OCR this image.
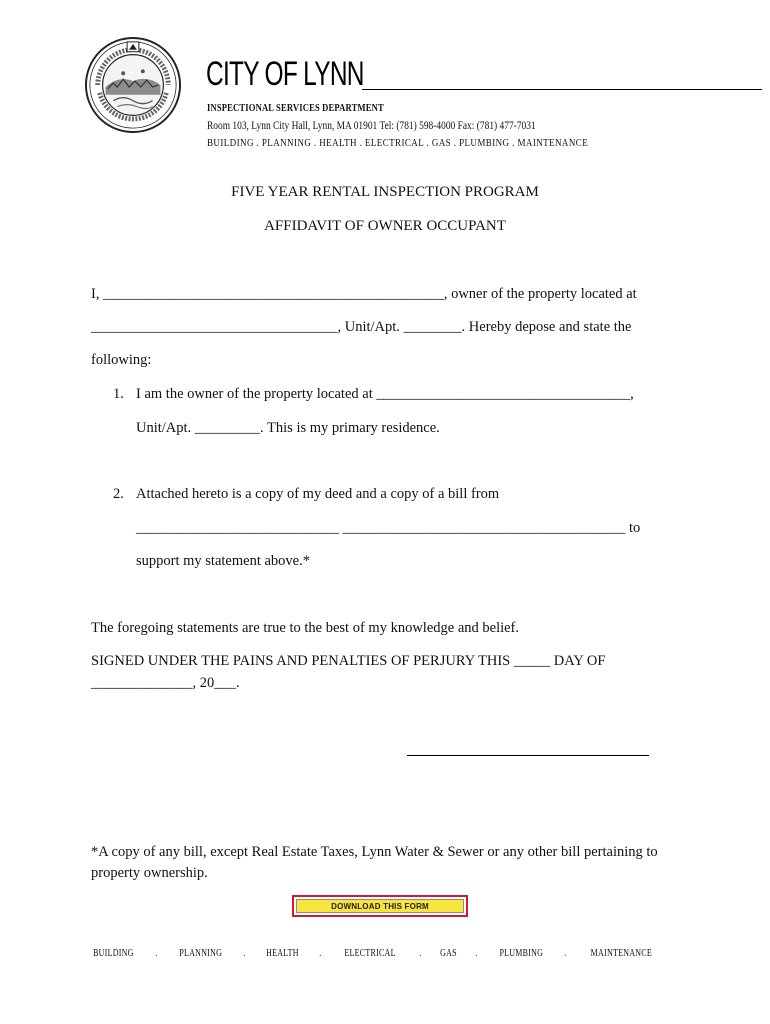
CITY OF LYNN
INSPECTIONAL SERVICES DEPARTMENT
Room 103, Lynn City Hall, Lynn, MA 01901 Tel: (781) 598-4000 Fax: (781) 477-7031
BUILDING . PLANNING . HEALTH . ELECTRICAL . GAS . PLUMBING . MAINTENANCE
FIVE YEAR RENTAL INSPECTION PROGRAM
AFFIDAVIT OF OWNER OCCUPANT
I, _______________________________________________, owner of the property located at
__________________________________, Unit/Apt. ________. Hereby depose and state the
following:
1. I am the owner of the property located at ___________________________________,
Unit/Apt. _________. This is my primary residence.
2. Attached hereto is a copy of my deed and a copy of a bill from
____________________________ _______________________________________ to
support my statement above.*
The foregoing statements are true to the best of my knowledge and belief.
SIGNED UNDER THE PAINS AND PENALTIES OF PERJURY THIS _____ DAY OF
______________, 20___.
*A copy of any bill, except Real Estate Taxes, Lynn Water & Sewer or any other bill pertaining to property ownership.
DOWNLOAD THIS FORM
BUILDING . PLANNING . HEALTH . ELECTRICAL . GAS . PLUMBING . MAINTENANCE
